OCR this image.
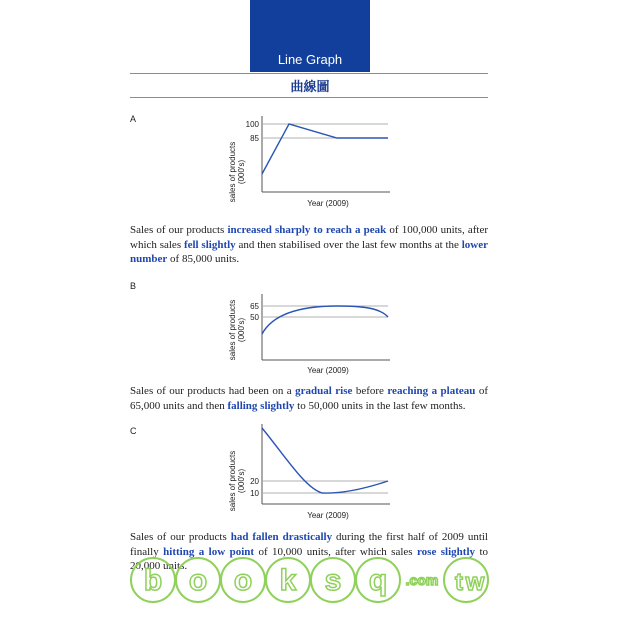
Line Graph
曲線圖
A
sales of products (000's)
100
85
Year (2009)
Sales of our products increased sharply to reach a peak of 100,000 units, after which sales fell slightly and then stabilised over the last few months at the lower number of 85,000 units.
B
sales of products (000's)
65
50
Year (2009)
Sales of our products had been on a gradual rise before reaching a plateau of 65,000 units and then falling slightly to 50,000 units in the last few months.
C
sales of products (000's) 20
10
Year (2009)
Sales of our products had fallen drastically during the first half of 2009 until finally hitting a low point of 10,000 units, after which sales rose slightly to 20,000 units.
b o o k s q .com t w
